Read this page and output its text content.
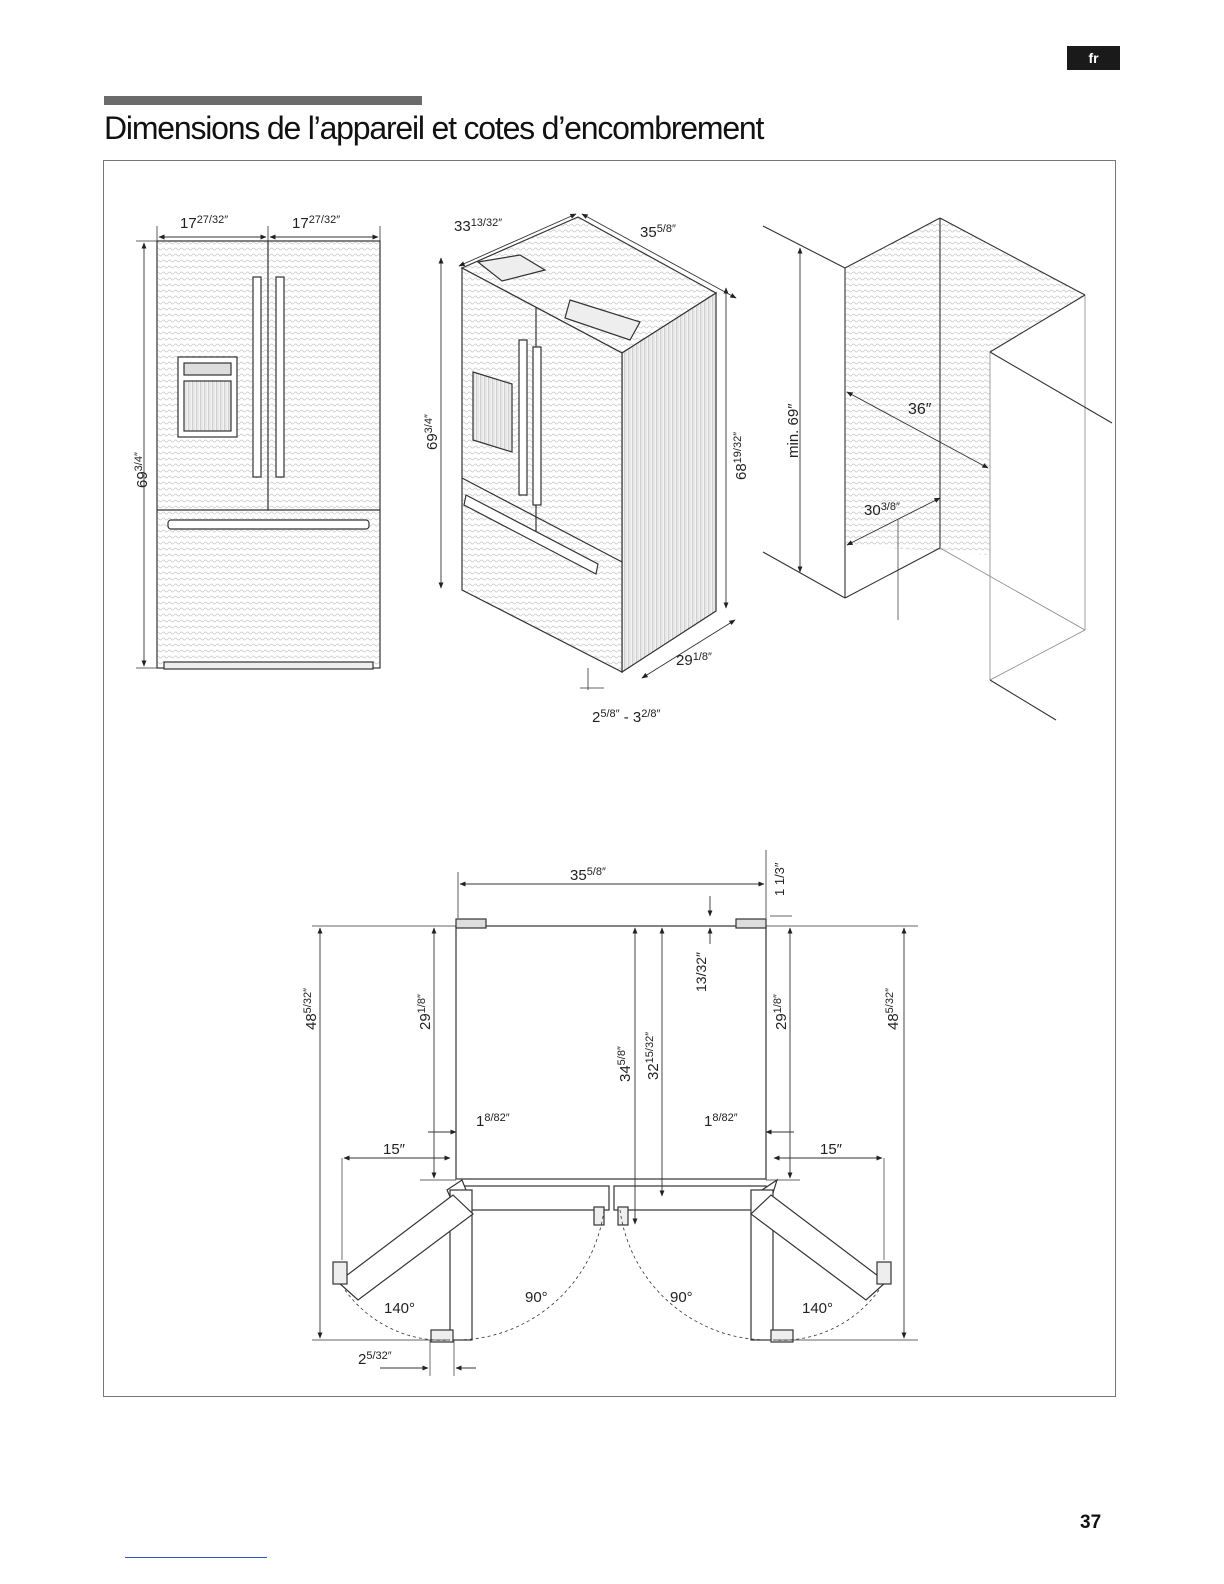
fr
Dimensions de l’appareil et cotes d’encombrement
$17^{27/32''}$	$17^{27/32''}$
$69^{3/4''}$
$33^{13/32''}$
$35^{5/8''}$
$69^{3/4''}$
$68^{19/32''}$
$29^{1/8''}$
$2^{5/8''} - 3^{2/8''}$
min. 69″	36″
$30^{3/8''}$
$35^{5/8''}$	1 1/3″
$48^{5/32''}$
$48^{5/32''}$
$29^{1/8''}$
$29^{1/8''}$
$34^{5/8''}$
$32^{15/32''}$
13/32″
$1^{8/82''}$	$1^{8/82''}$
15″	15″
140°
90°	90°
140°
$2^{5/32''}$
37
